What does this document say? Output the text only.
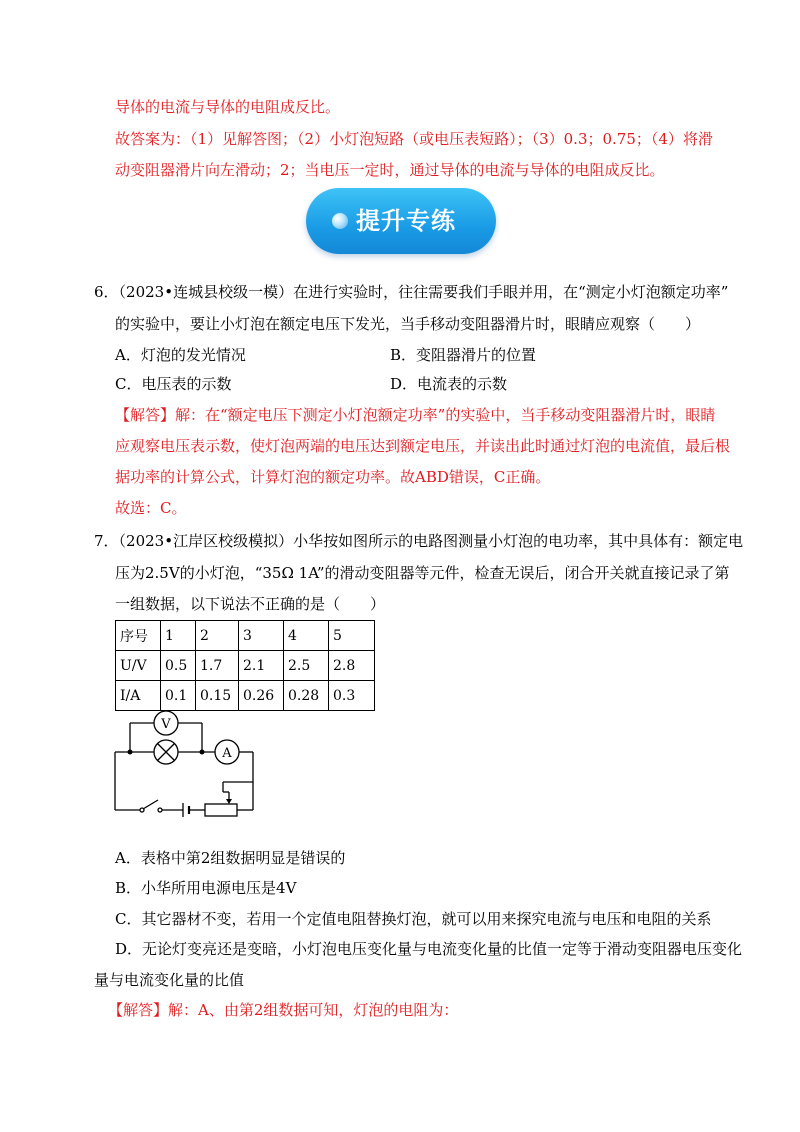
导体的电流与导体的电阻成反比。
故答案为：（1）见解答图；（2）小灯泡短路（或电压表短路）；（3）0.3；0.75；（4）将滑
动变阻器滑片向左滑动；2；当电压一定时，通过导体的电流与导体的电阻成反比。
提升专练
6．（2023•连城县校级一模）在进行实验时，往往需要我们手眼并用，在“测定小灯泡额定功率”
的实验中，要让小灯泡在额定电压下发光，当手移动变阻器滑片时，眼睛应观察（　　）
A．灯泡的发光情况	B．变阻器滑片的位置
C．电压表的示数	D．电流表的示数
【解答】解：在“额定电压下测定小灯泡额定功率”的实验中，当手移动变阻器滑片时，眼睛
应观察电压表示数，使灯泡两端的电压达到额定电压，并读出此时通过灯泡的电流值，最后根
据功率的计算公式，计算灯泡的额定功率。故ABD错误，C正确。
故选：C。
7．（2023•江岸区校级模拟）小华按如图所示的电路图测量小灯泡的电功率，其中具体有：额定电
压为2.5V的小灯泡，“35Ω 1A”的滑动变阻器等元件，检查无误后，闭合开关就直接记录了第
一组数据，以下说法不正确的是（　　）
序号	1	2	3	4	5
U/V	0.5	1.7	2.1	2.5	2.8
I/A	0.1	0.15	0.26	0.28	0.3
V
A
A．表格中第2组数据明显是错误的
B．小华所用电源电压是4V
C．其它器材不变，若用一个定值电阻替换灯泡，就可以用来探究电流与电压和电阻的关系
D．无论灯变亮还是变暗，小灯泡电压变化量与电流变化量的比值一定等于滑动变阻器电压变化
量与电流变化量的比值
【解答】解：A、由第2组数据可知，灯泡的电阻为：
